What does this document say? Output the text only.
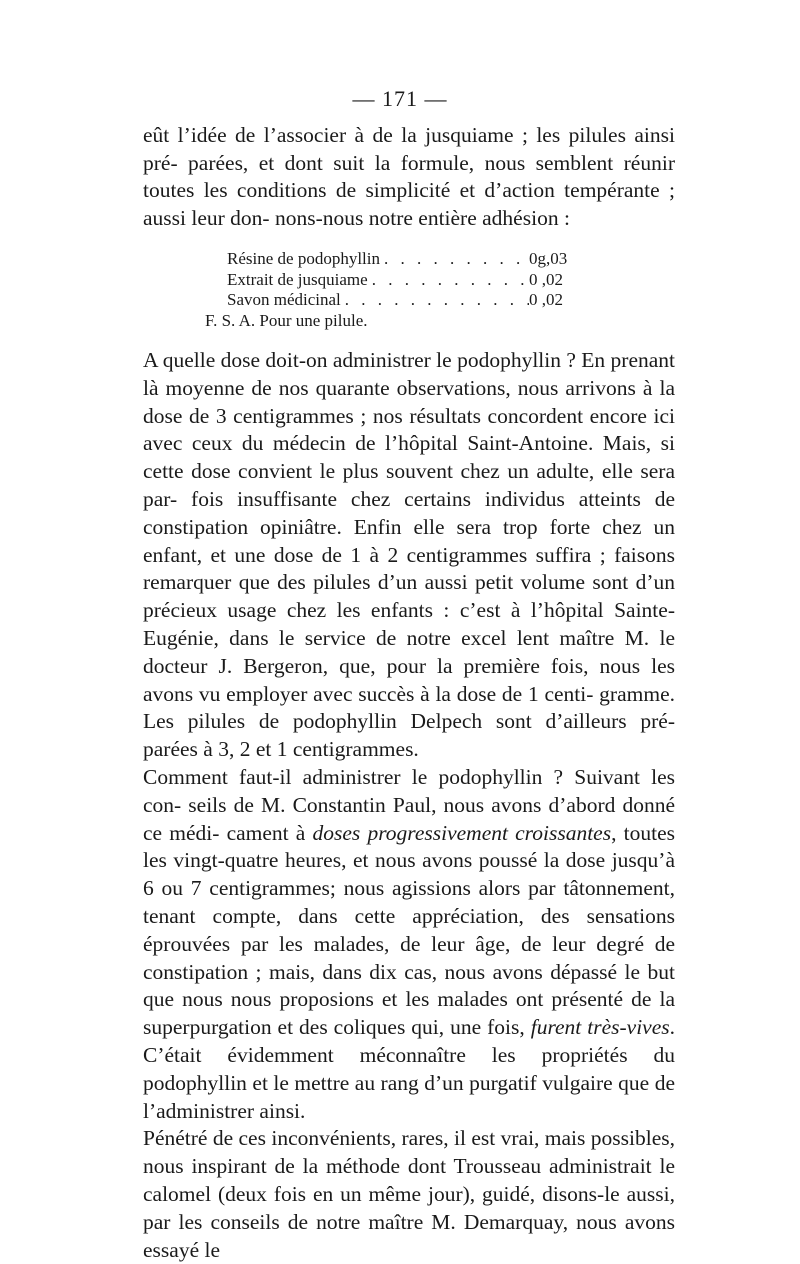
— 171 —
eût l’idée de l’associer à de la jusquiame ; les pilules ainsi pré- parées, et dont suit la formule, nous semblent réunir toutes les conditions de simplicité et d’action tempérante ; aussi leur don- nons-nous notre entière adhésion :
Résine de podophyllin . . .	0g,03
Extrait de jusquiame . . .	0 ,02
Savon médicinal . . .	0 ,02
F. S. A. Pour une pilule.

A quelle dose doit-on administrer le podophyllin ? En prenant là moyenne de nos quarante observations, nous arrivons à la dose de 3 centigrammes ; nos résultats concordent encore ici avec ceux du médecin de l’hôpital Saint-Antoine. Mais, si cette dose convient le plus souvent chez un adulte, elle sera par- fois insuffisante chez certains individus atteints de constipation opiniâtre. Enfin elle sera trop forte chez un enfant, et une dose de 1 à 2 centigrammes suffira ; faisons remarquer que des pilules d’un aussi petit volume sont d’un précieux usage chez les enfants : c’est à l’hôpital Sainte-Eugénie, dans le service de notre excel lent maître M. le docteur J. Bergeron, que, pour la première fois, nous les avons vu employer avec succès à la dose de 1 centi- gramme. Les pilules de podophyllin Delpech sont d’ailleurs pré- parées à 3, 2 et 1 centigrammes.

Comment faut-il administrer le podophyllin ? Suivant les con- seils de M. Constantin Paul, nous avons d’abord donné ce médi- cament à doses progressivement croissantes, toutes les vingt-quatre heures, et nous avons poussé la dose jusqu’à 6 ou 7 centigrammes; nous agissions alors par tâtonnement, tenant compte, dans cette appréciation, des sensations éprouvées par les malades, de leur âge, de leur degré de constipation ; mais, dans dix cas, nous avons dépassé le but que nous nous proposions et les malades ont présenté de la superpurgation et des coliques qui, une fois, furent très-vives. C’était évidemment méconnaître les propriétés du podophyllin et le mettre au rang d’un purgatif vulgaire que de l’administrer ainsi.

Pénétré de ces inconvénients, rares, il est vrai, mais possibles, nous inspirant de la méthode dont Trousseau administrait le calomel (deux fois en un même jour), guidé, disons-le aussi, par les conseils de notre maître M. Demarquay, nous avons essayé le
